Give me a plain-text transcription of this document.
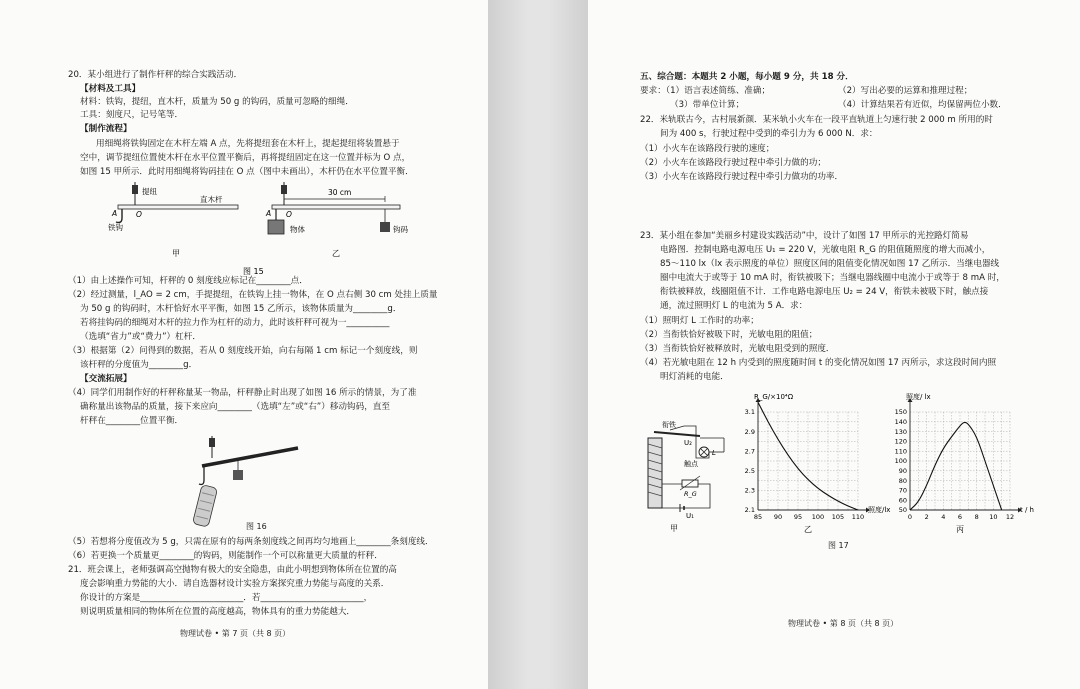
20．某小组进行了制作杆秤的综合实践活动．
【材料及工具】
材料：铁钩，提纽，直木杆，质量为 50 g 的钩码，质量可忽略的细绳．
工具：刻度尺，记号笔等．
【制作流程】
用细绳将铁钩固定在木杆左端 A 点，先将提纽套在木杆上，提起提纽将装置悬于
空中，调节提纽位置使木杆在水平位置平衡后，再将提纽固定在这一位置并标为 O 点，
如图 15 甲所示．此时用细绳将钩码挂在 O 点（图中未画出），木杆仍在水平位置平衡．
提纽
直木杆
A	O
铁钩
甲
30 cm
A O
物体	钩码
乙
图 15
（1）由上述操作可知，杆秤的 0 刻度线应标记在________点．
（2）经过测量，l_AO = 2 cm，手提提纽，在铁钩上挂一物体，在 O 点右侧 30 cm 处挂上质量
为 50 g 的钩码时，木杆恰好水平平衡，如图 15 乙所示，该物体质量为________g．
若将挂钩码的细绳对木杆的拉力作为杠杆的动力，此时该杆秤可视为一__________
（选填“省力”或“费力”）杠杆．
（3）根据第（2）问得到的数据，若从 0 刻度线开始，向右每隔 1 cm 标记一个刻度线，则
该杆秤的分度值为________g．
【交流拓展】
（4）同学们用制作好的杆秤称量某一物品，杆秤静止时出现了如图 16 所示的情景，为了准
确称量出该物品的质量，接下来应向________（选填“左”或“右”）移动钩码，直至
杆秤在________位置平衡．
图 16
（5）若想将分度值改为 5 g，只需在原有的每两条刻度线之间再均匀地画上________条刻度线．
（6）若更换一个质量更________的钩码，则能制作一个可以称量更大质量的杆秤．
21．班会课上，老师强调高空抛物有极大的安全隐患，由此小明想到物体所在位置的高
度会影响重力势能的大小．请自选器材设计实验方案探究重力势能与高度的关系．
你设计的方案是________________________．若________________________，
则说明质量相同的物体所在位置的高度越高，物体具有的重力势能越大．
物理试卷 • 第 7 页（共 8 页）
五、综合题：本题共 2 小题，每小题 9 分，共 18 分．
要求：（1）语言表述简练、准确；	（2）写出必要的运算和推理过程；
（3）带单位计算；	（4）计算结果若有近似，均保留两位小数．
22．米轨联古今，古村展新颜．某米轨小火车在一段平直轨道上匀速行驶 2 000 m 所用的时
间为 400 s，行驶过程中受到的牵引力为 6 000 N．求：
（1）小火车在该路段行驶的速度；
（2）小火车在该路段行驶过程中牵引力做的功；
（3）小火车在该路段行驶过程中牵引力做功的功率．
23．某小组在参加“美丽乡村建设实践活动”中，设计了如图 17 甲所示的光控路灯简易
电路图．控制电路电源电压 U₁ = 220 V，光敏电阻 R_G 的阻值随照度的增大而减小，
85～110 lx（lx 表示照度的单位）照度区间的阻值变化情况如图 17 乙所示．当继电器线
圈中电流大于或等于 10 mA 时，衔铁被吸下；当继电器线圈中电流小于或等于 8 mA 时，
衔铁被释放，线圈阻值不计．工作电路电源电压 U₂ = 24 V，衔铁未被吸下时，触点接
通，流过照明灯 L 的电流为 5 A．求：
（1）照明灯 L 工作时的功率；
（2）当衔铁恰好被吸下时，光敏电阻的阻值；
（3）当衔铁恰好被释放时，光敏电阻受到的照度．
（4）若光敏电阻在 12 h 内受到的照度随时间 t 的变化情况如图 17 丙所示，求这段时间内照
明灯消耗的电能．
衔铁
U₂
触点
L
R_G
U₁
甲
85 90 95 100 105 110
2.1
2.3
2.5
2.7
2.9
3.1
R_G/×10⁴Ω
照度/lx
乙
0 2 4 6 8 10 12
50
60
70
80
90
100
110
120
130
140
150
照度/ lx
t / h
丙
图 17
物理试卷 • 第 8 页（共 8 页）
